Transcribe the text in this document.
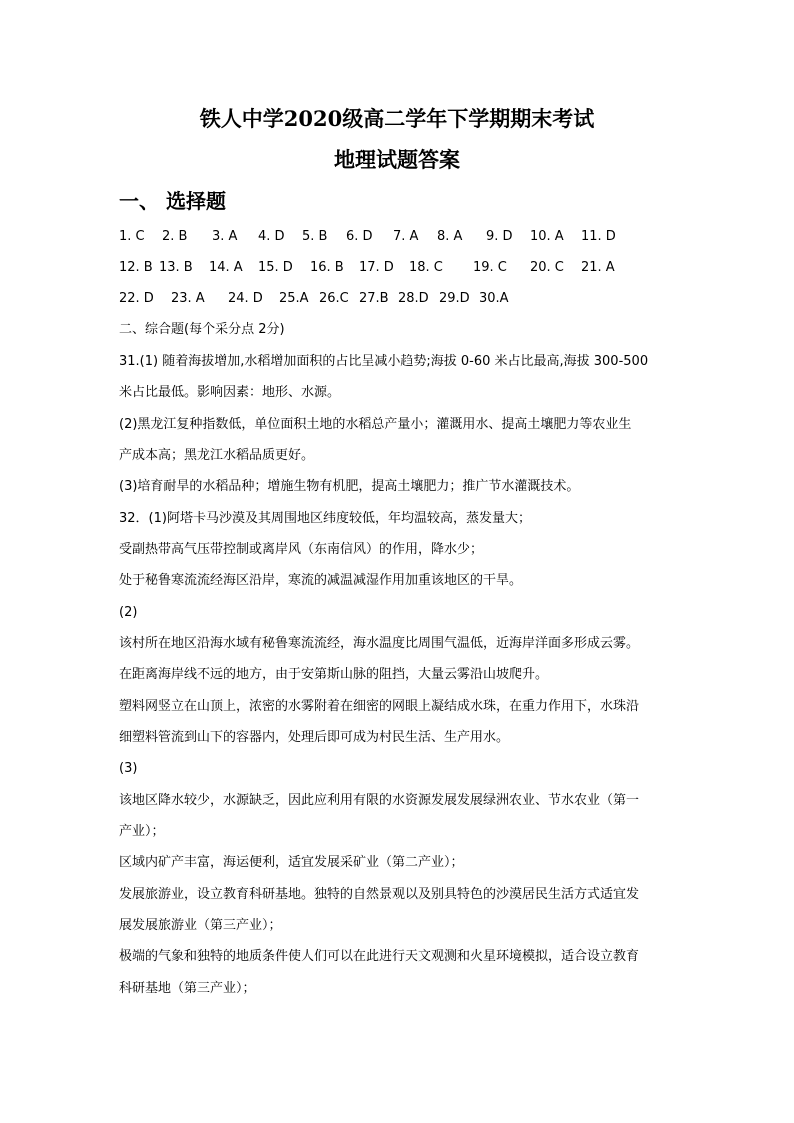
铁人中学2020级高二学年下学期期末考试
地理试题答案
一、 选择题
1. C 2. B 3. A 4. D 5. B 6. D 7. A 8. A 9. D 10. A 11. D
12. B 13. B 14. A 15. D 16. B 17. D 18. C 19. C 20. C 21. A
22. D 23. A 24. D 25.A 26.C 27.B 28.D 29.D 30.A
二、综合题(每个采分点 2分)
31.(1) 随着海拔增加,水稻增加面积的占比呈减小趋势;海拔 0-60 米占比最高,海拔 300-500
米占比最低。影响因素：地形、水源。
(2)黑龙江复种指数低，单位面积土地的水稻总产量小；灌溉用水、提高土壤肥力等农业生
产成本高；黑龙江水稻品质更好。
(3)培育耐旱的水稻品种；增施生物有机肥，提高土壤肥力；推广节水灌溉技术。
32．(1)阿塔卡马沙漠及其周围地区纬度较低，年均温较高，蒸发量大；
受副热带高气压带控制或离岸风（东南信风）的作用，降水少；
处于秘鲁寒流流经海区沿岸，寒流的减温减湿作用加重该地区的干旱。
(2)
该村所在地区沿海水域有秘鲁寒流流经，海水温度比周围气温低，近海岸洋面多形成云雾。
在距离海岸线不远的地方，由于安第斯山脉的阻挡，大量云雾沿山坡爬升。
塑料网竖立在山顶上，浓密的水雾附着在细密的网眼上凝结成水珠，在重力作用下，水珠沿
细塑料管流到山下的容器内，处理后即可成为村民生活、生产用水。
(3)
该地区降水较少，水源缺乏，因此应利用有限的水资源发展发展绿洲农业、节水农业（第一
产业）；
区域内矿产丰富，海运便利，适宜发展采矿业（第二产业）；
发展旅游业，设立教育科研基地。独特的自然景观以及别具特色的沙漠居民生活方式适宜发
展发展旅游业（第三产业）；
极端的气象和独特的地质条件使人们可以在此进行天文观测和火星环境模拟，适合设立教育
科研基地（第三产业）；
